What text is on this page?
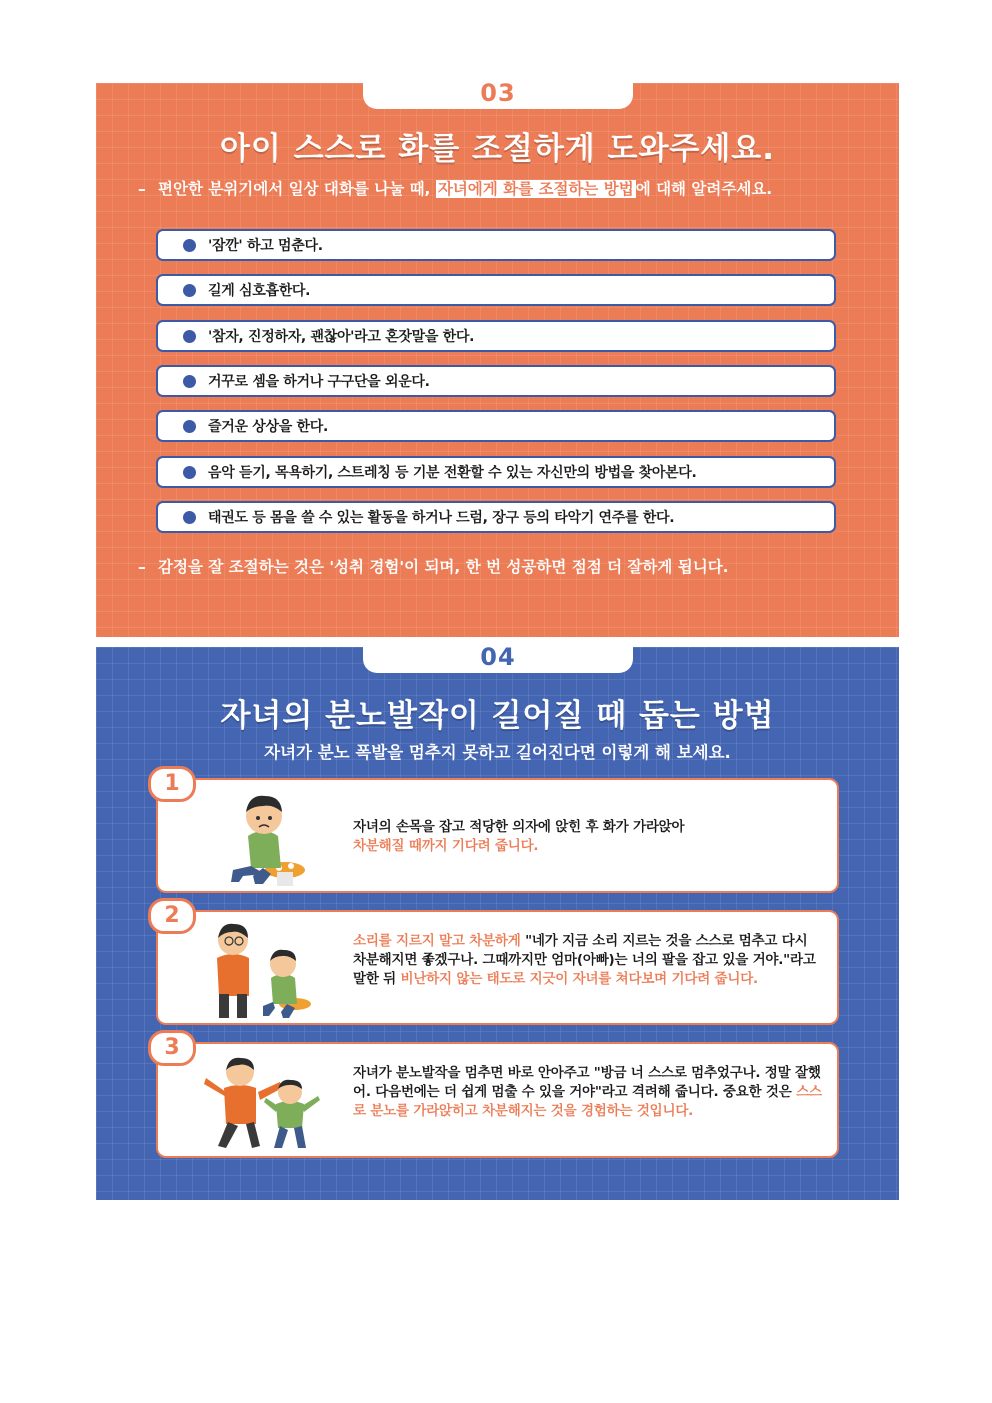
03
아이 스스로 화를 조절하게 도와주세요.
– 편안한 분위기에서 일상 대화를 나눌 때, 자녀에게 화를 조절하는 방법 에 대해 알려주세요.
'잠깐' 하고 멈춘다.
길게 심호흡한다.
'참자, 진정하자, 괜찮아'라고 혼잣말을 한다.
거꾸로 셈을 하거나 구구단을 외운다.
즐거운 상상을 한다.
음악 듣기, 목욕하기, 스트레칭 등 기분 전환할 수 있는 자신만의 방법을 찾아본다.
태권도 등 몸을 쓸 수 있는 활동을 하거나 드럼, 장구 등의 타악기 연주를 한다.
– 감정을 잘 조절하는 것은 '성취 경험'이 되며, 한 번 성공하면 점점 더 잘하게 됩니다.
04
자녀의 분노발작이 길어질 때 돕는 방법
자녀가 분노 폭발을 멈추지 못하고 길어진다면 이렇게 해 보세요.
1
자녀의 손목을 잡고 적당한 의자에 앉힌 후 화가 가라앉아
차분해질 때까지 기다려 줍니다.
2
소리를 지르지 말고 차분하게 "네가 지금 소리 지르는 것을 스스로 멈추고 다시 차분해지면 좋겠구나. 그때까지만 엄마(아빠)는 너의 팔을 잡고 있을 거야."라고 말한 뒤 비난하지 않는 태도로 지긋이 자녀를 쳐다보며 기다려 줍니다.
3
자녀가 분노발작을 멈추면 바로 안아주고 "방금 너 스스로 멈추었구나. 정말 잘했어. 다음번에는 더 쉽게 멈출 수 있을 거야"라고 격려해 줍니다. 중요한 것은 스스로 분노를 가라앉히고 차분해지는 것을 경험하는 것입니다.
